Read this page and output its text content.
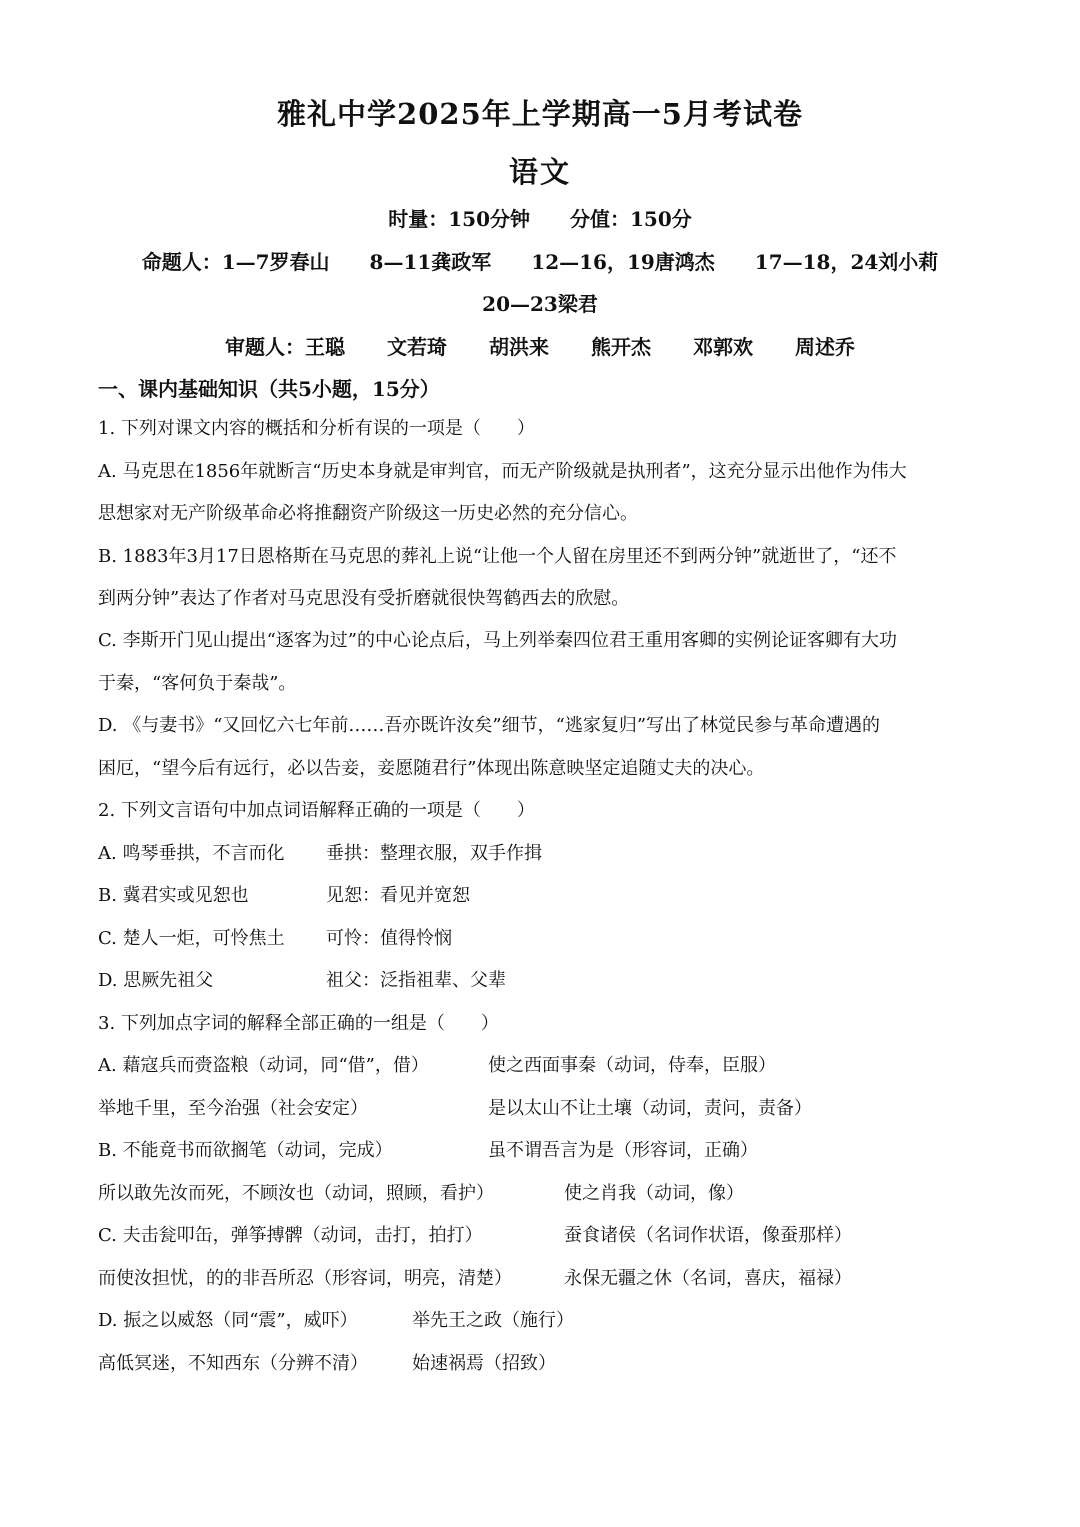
雅礼中学2025年上学期高一5月考试卷
语文
时量：150分钟 分值：150分
命题人：1—7罗春山 8—11龚政军 12—16，19唐鸿杰 17—18，24刘小莉
20—23梁君
审题人：王聪 文若琦 胡洪来 熊开杰 邓郭欢 周述乔
一、课内基础知识（共5小题，15分）
1. 下列对课文内容的概括和分析有误的一项是（　　）
A. 马克思在1856年就断言“历史本身就是审判官，而无产阶级就是执刑者”，这充分显示出他作为伟大
思想家对无产阶级革命必将推翻资产阶级这一历史必然的充分信心。
B. 1883年3月17日恩格斯在马克思的葬礼上说“让他一个人留在房里还不到两分钟”就逝世了，“还不
到两分钟”表达了作者对马克思没有受折磨就很快驾鹤西去的欣慰。
C. 李斯开门见山提出“逐客为过”的中心论点后，马上列举秦四位君王重用客卿的实例论证客卿有大功
于秦，“客何负于秦哉”。
D. 《与妻书》“又回忆六七年前……吾亦既许汝矣”细节，“逃家复归”写出了林觉民参与革命遭遇的
困厄，“望今后有远行，必以告妾，妾愿随君行”体现出陈意映坚定追随丈夫的决心。
2. 下列文言语句中加点词语解释正确的一项是（　　）
A. 鸣琴垂拱，不言而化 垂拱：整理衣服，双手作揖
B. 冀君实或见恕也	见恕：看见并宽恕
C. 楚人一炬，可怜焦土 可怜：值得怜悯
D. 思厥先祖父	祖父：泛指祖辈、父辈
3. 下列加点字词的解释全部正确的一组是（　　）
A. 藉寇兵而赍盗粮（动词，同“借”，借）	使之西面事秦（动词，侍奉，臣服）
举地千里，至今治强（社会安定）	是以太山不让土壤（动词，责问，责备）
B. 不能竟书而欲搁笔（动词，完成）	虽不谓吾言为是（形容词，正确）
所以敢先汝而死，不顾汝也（动词，照顾，看护）	使之肖我（动词，像）
C. 夫击瓮叩缶，弹筝搏髀（动词，击打，拍打）	蚕食诸侯（名词作状语，像蚕那样）
而使汝担忧，的的非吾所忍（形容词，明亮，清楚）	永保无疆之休（名词，喜庆，福禄）
D. 振之以威怒（同“震”，威吓）	举先王之政（施行）
高低冥迷，不知西东（分辨不清） 始速祸焉（招致）
